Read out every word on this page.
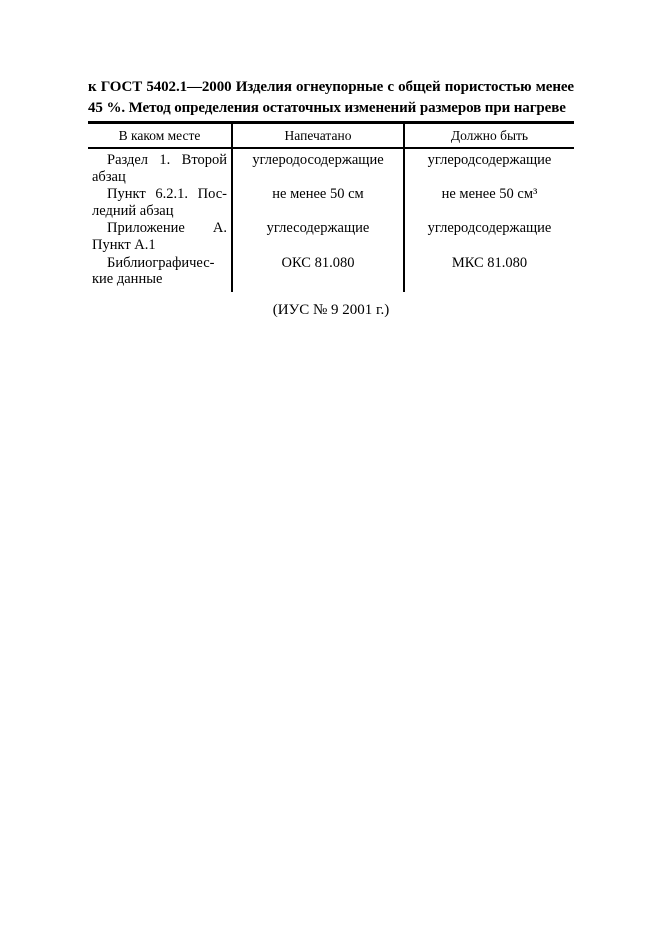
к ГОСТ 5402.1—2000 Изделия огнеупорные с общей пористостью менее
45 %. Метод определения остаточных изменений размеров при нагреве
В каком месте	Напечатано	Должно быть

Раздел 1. Второй
абзац	углеродосодержащие	углеродсодержащие

Пункт 6.2.1. Пос-
ледний абзац	не менее 50 см	не менее 50 см³

Приложение А.
Пункт А.1	углесодержащие	углеродсодержащие

Библиографичес-
кие данные	ОКС 81.080	МКС 81.080
(ИУС № 9 2001 г.)
